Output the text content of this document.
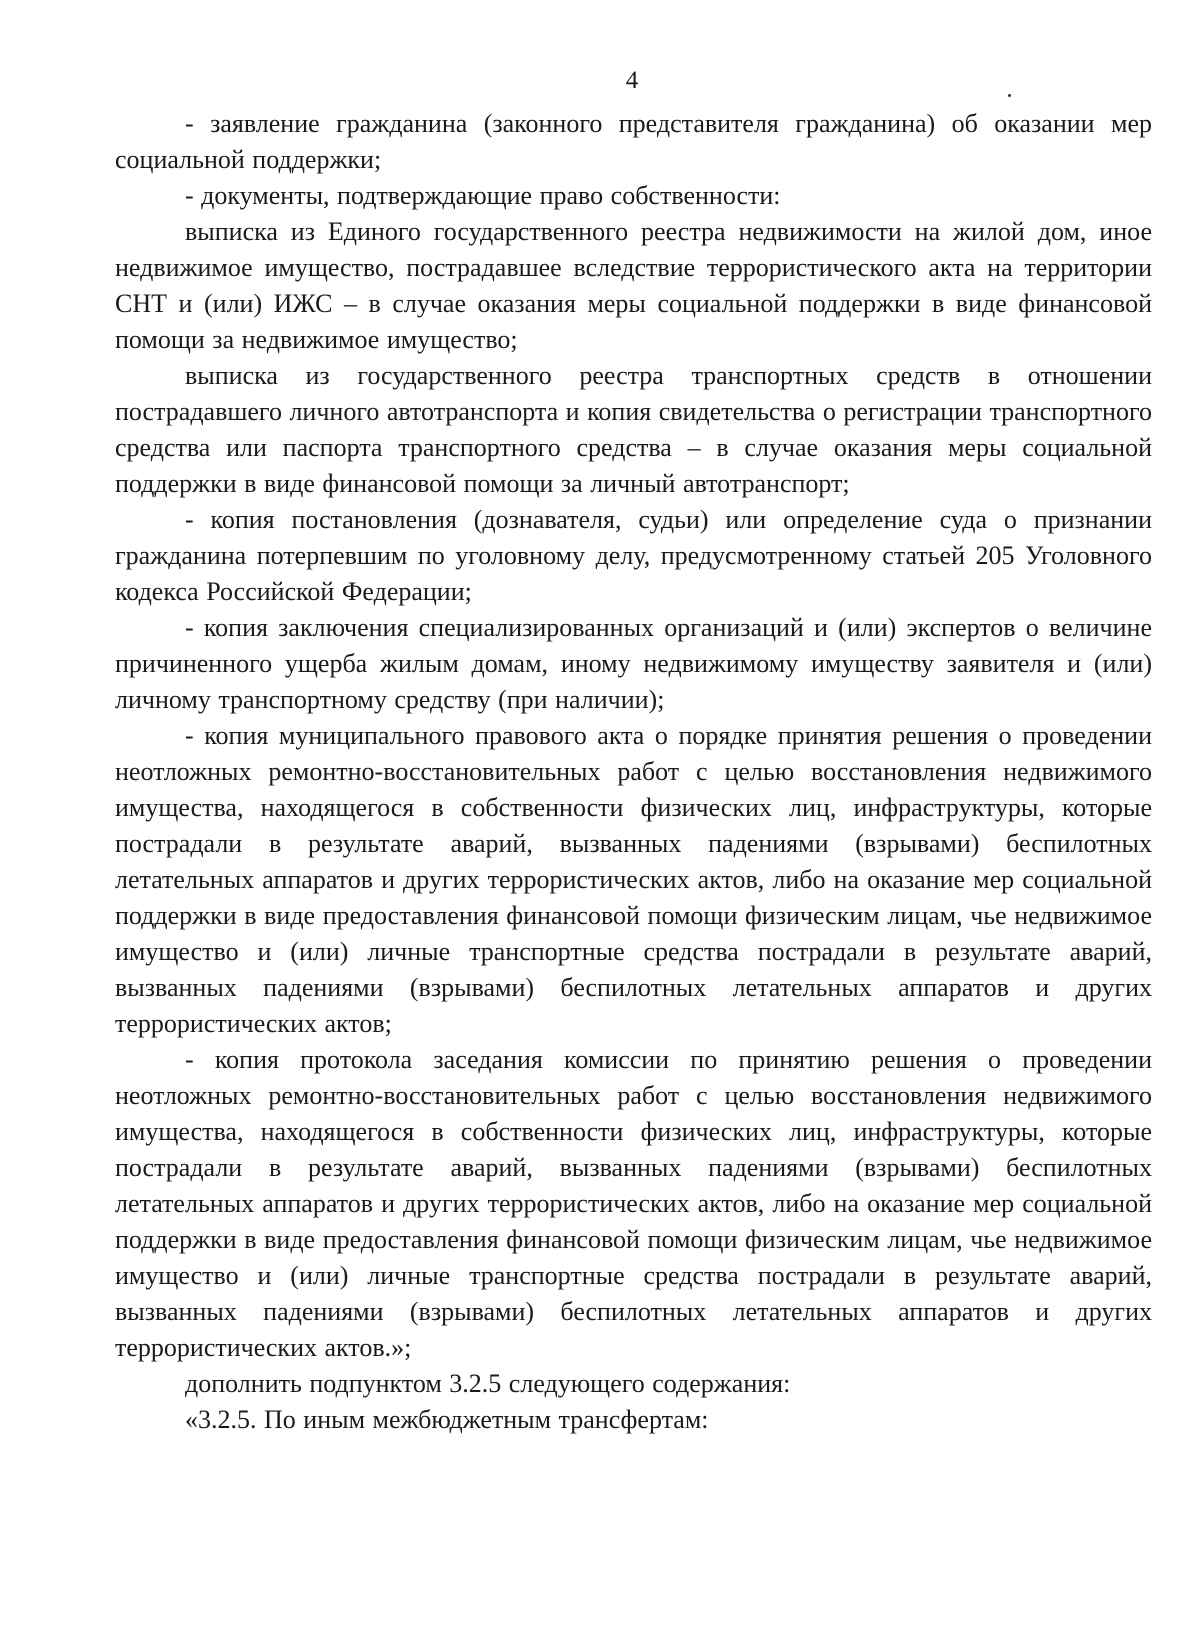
4

- заявление гражданина (законного представителя гражданина) об оказании мер социальной поддержки;

- документы, подтверждающие право собственности:

выписка из Единого государственного реестра недвижимости на жилой дом, иное недвижимое имущество, пострадавшее вследствие террористического акта на территории СНТ и (или) ИЖС – в случае оказания меры социальной поддержки в виде финансовой помощи за недвижимое имущество;

выписка из государственного реестра транспортных средств в отношении пострадавшего личного автотранспорта и копия свидетельства о регистрации транспортного средства или паспорта транспортного средства – в случае оказания меры социальной поддержки в виде финансовой помощи за личный автотранспорт;

- копия постановления (дознавателя, судьи) или определение суда о признании гражданина потерпевшим по уголовному делу, предусмотренному статьей 205 Уголовного кодекса Российской Федерации;

- копия заключения специализированных организаций и (или) экспертов о величине причиненного ущерба жилым домам, иному недвижимому имуществу заявителя и (или) личному транспортному средству (при наличии);

- копия муниципального правового акта о порядке принятия решения о проведении неотложных ремонтно-восстановительных работ с целью восстановления недвижимого имущества, находящегося в собственности физических лиц, инфраструктуры, которые пострадали в результате аварий, вызванных падениями (взрывами) беспилотных летательных аппаратов и других террористических актов, либо на оказание мер социальной поддержки в виде предоставления финансовой помощи физическим лицам, чье недвижимое имущество и (или) личные транспортные средства пострадали в результате аварий, вызванных падениями (взрывами) беспилотных летательных аппаратов и других террористических актов;

- копия протокола заседания комиссии по принятию решения о проведении неотложных ремонтно-восстановительных работ с целью восстановления недвижимого имущества, находящегося в собственности физических лиц, инфраструктуры, которые пострадали в результате аварий, вызванных падениями (взрывами) беспилотных летательных аппаратов и других террористических актов, либо на оказание мер социальной поддержки в виде предоставления финансовой помощи физическим лицам, чье недвижимое имущество и (или) личные транспортные средства пострадали в результате аварий, вызванных падениями (взрывами) беспилотных летательных аппаратов и других террористических актов.»;

дополнить подпунктом 3.2.5 следующего содержания:

«3.2.5. По иным межбюджетным трансфертам:
